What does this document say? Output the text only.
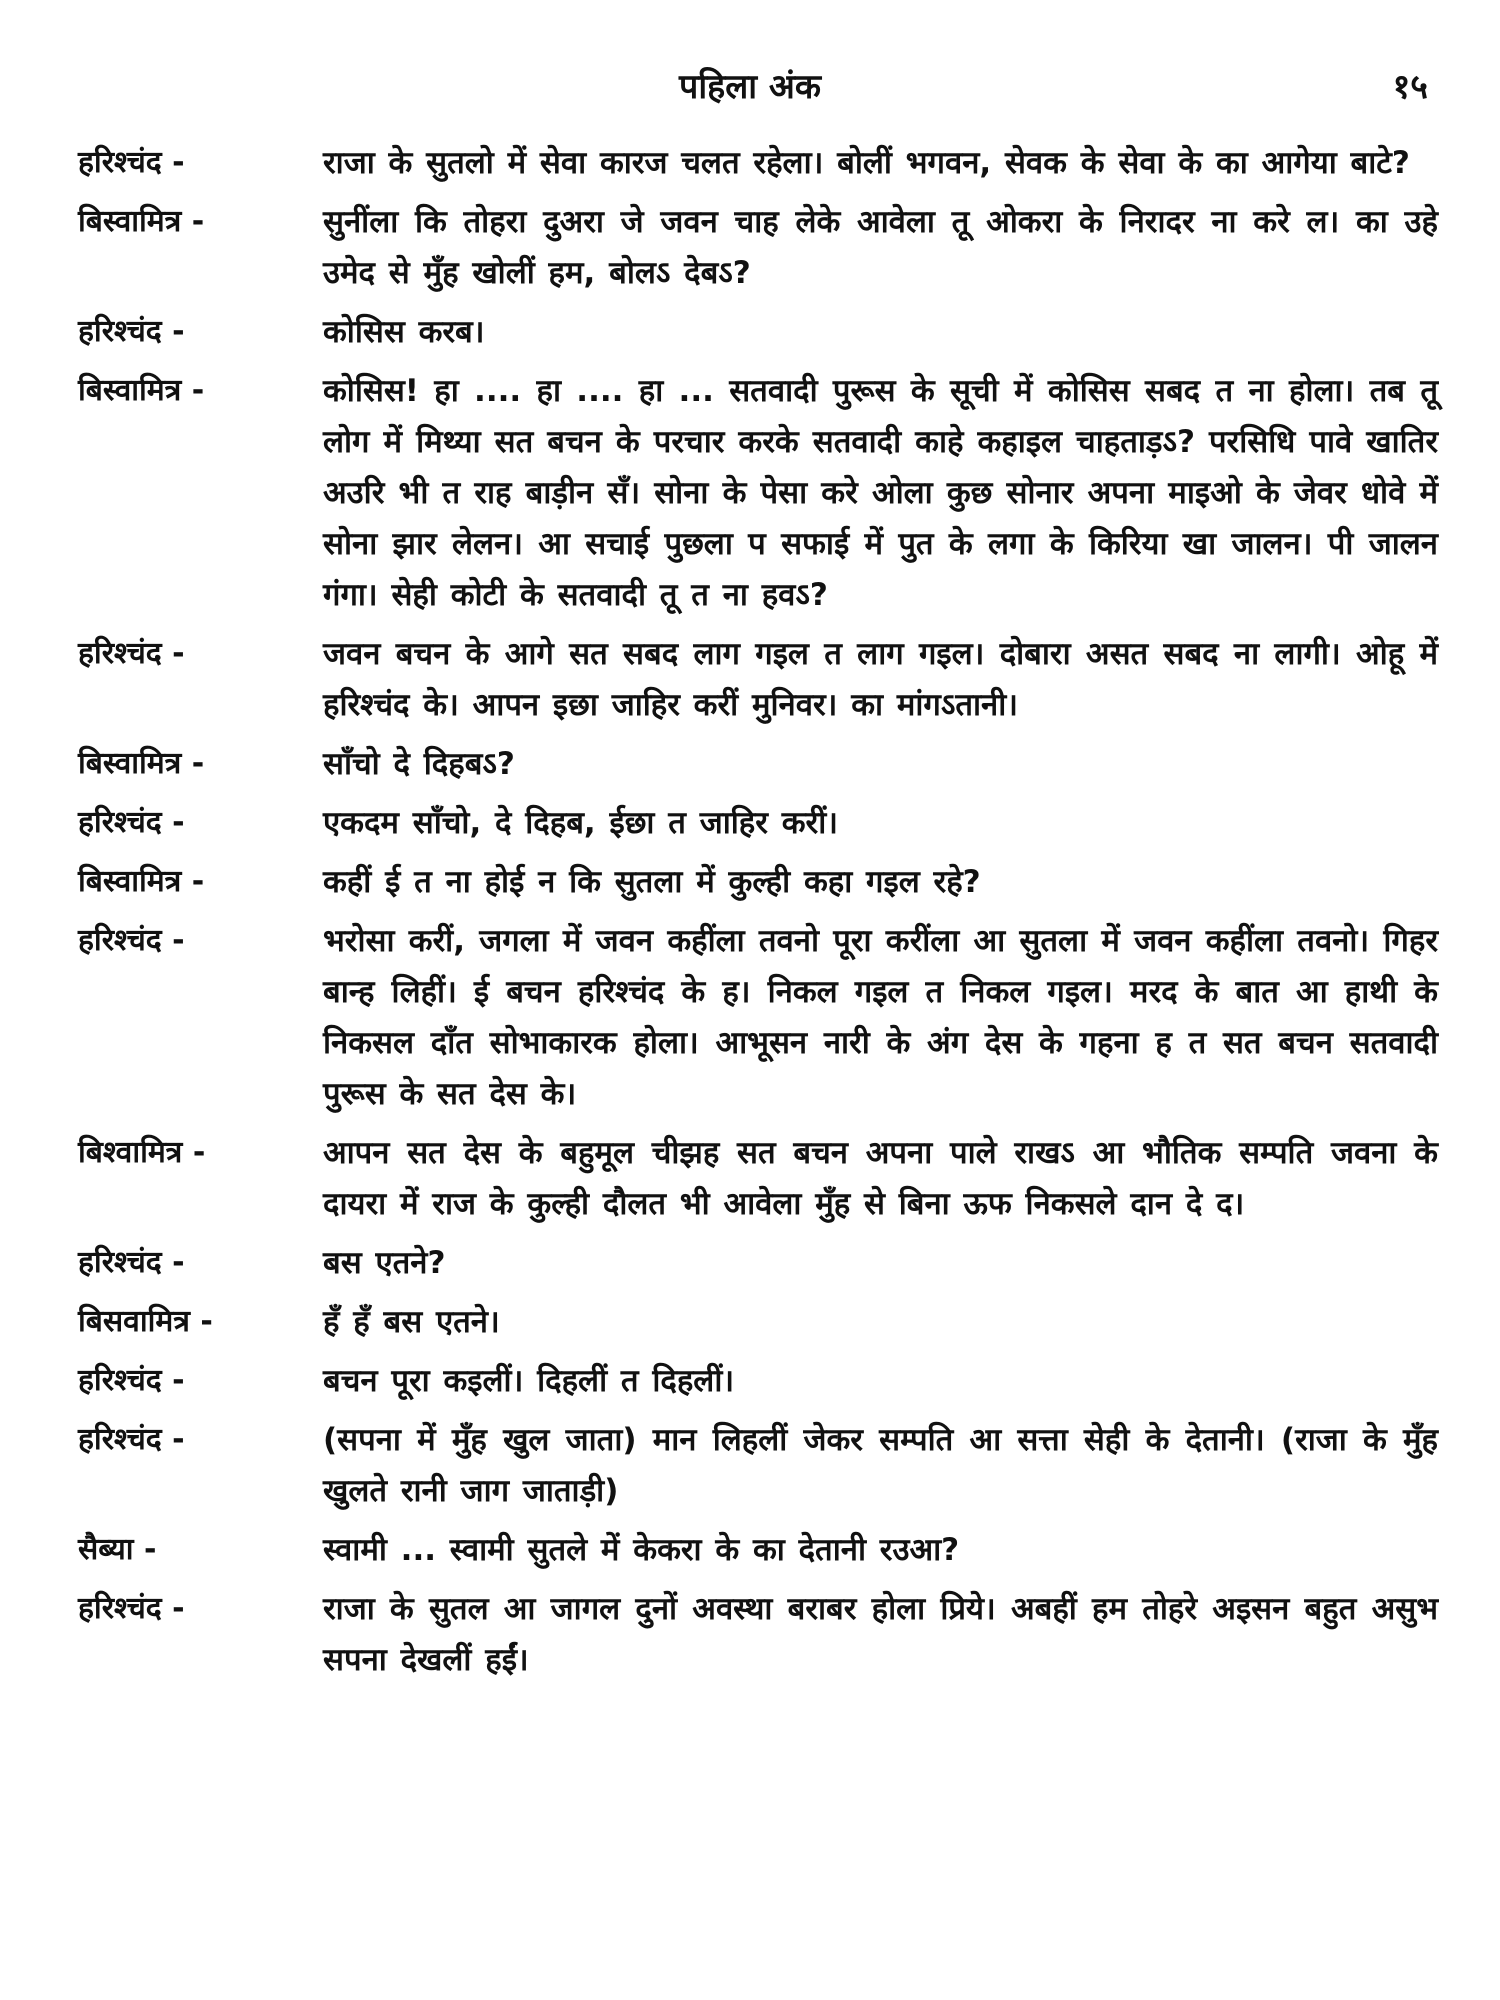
पहिला अंक	१५
हरिश्चंद -	राजा के सुतलो में सेवा कारज चलत रहेला। बोलीं भगवन, सेवक के सेवा के का आगेया बाटे?
बिस्वामित्र -	सुनींला कि तोहरा दुअरा जे जवन चाह लेके आवेला तू ओकरा के निरादर ना करे ल। का उहे उमेद से मुँह खोलीं हम, बोलऽ देबऽ?
हरिश्चंद -	कोसिस करब।
बिस्वामित्र -	कोसिस! हा .... हा .... हा ... सतवादी पुरूस के सूची में कोसिस सबद त ना होला। तब तू लोग में मिथ्या सत बचन के परचार करके सतवादी काहे कहाइल चाहताड़ऽ? परसिधि पावे खातिर अउरि भी त राह बाड़ीन सँ। सोना के पेसा करे ओला कुछ सोनार अपना माइओ के जेवर धोवे में सोना झार लेलन। आ सचाई पुछला प सफाई में पुत के लगा के किरिया खा जालन। पी जालन गंगा। सेही कोटी के सतवादी तू त ना हवऽ?
हरिश्चंद -	जवन बचन के आगे सत सबद लाग गइल त लाग गइल। दोबारा असत सबद ना लागी। ओहू में हरिश्चंद के। आपन इछा जाहिर करीं मुनिवर। का मांगऽतानी।
बिस्वामित्र -	साँचो दे दिहबऽ?
हरिश्चंद -	एकदम साँचो, दे दिहब, ईछा त जाहिर करीं।
बिस्वामित्र -	कहीं ई त ना होई न कि सुतला में कुल्ही कहा गइल रहे?
हरिश्चंद -	भरोसा करीं, जगला में जवन कहींला तवनो पूरा करींला आ सुतला में जवन कहींला तवनो। गिहर बान्ह लिहीं। ई बचन हरिश्चंद के ह। निकल गइल त निकल गइल। मरद के बात आ हाथी के निकसल दाँत सोभाकारक होला। आभूसन नारी के अंग देस के गहना ह त सत बचन सतवादी पुरूस के सत देस के।
बिश्वामित्र -	आपन सत देस के बहुमूल चीझह सत बचन अपना पाले राखऽ आ भौतिक सम्पति जवना के दायरा में राज के कुल्ही दौलत भी आवेला मुँह से बिना ऊफ निकसले दान दे द।
हरिश्चंद -	बस एतने?
बिसवामित्र -	हँ हँ बस एतने।
हरिश्चंद -	बचन पूरा कइलीं। दिहलीं त दिहलीं।
हरिश्चंद -	(सपना में मुँह खुल जाता) मान लिहलीं जेकर सम्पति आ सत्ता सेही के देतानी। (राजा के मुँह खुलते रानी जाग जाताड़ी)
सैब्या -	स्वामी ... स्वामी सुतले में केकरा के का देतानी रउआ?
हरिश्चंद -	राजा के सुतल आ जागल दुनों अवस्था बराबर होला प्रिये। अबहीं हम तोहरे अइसन बहुत असुभ सपना देखलीं हईं।
